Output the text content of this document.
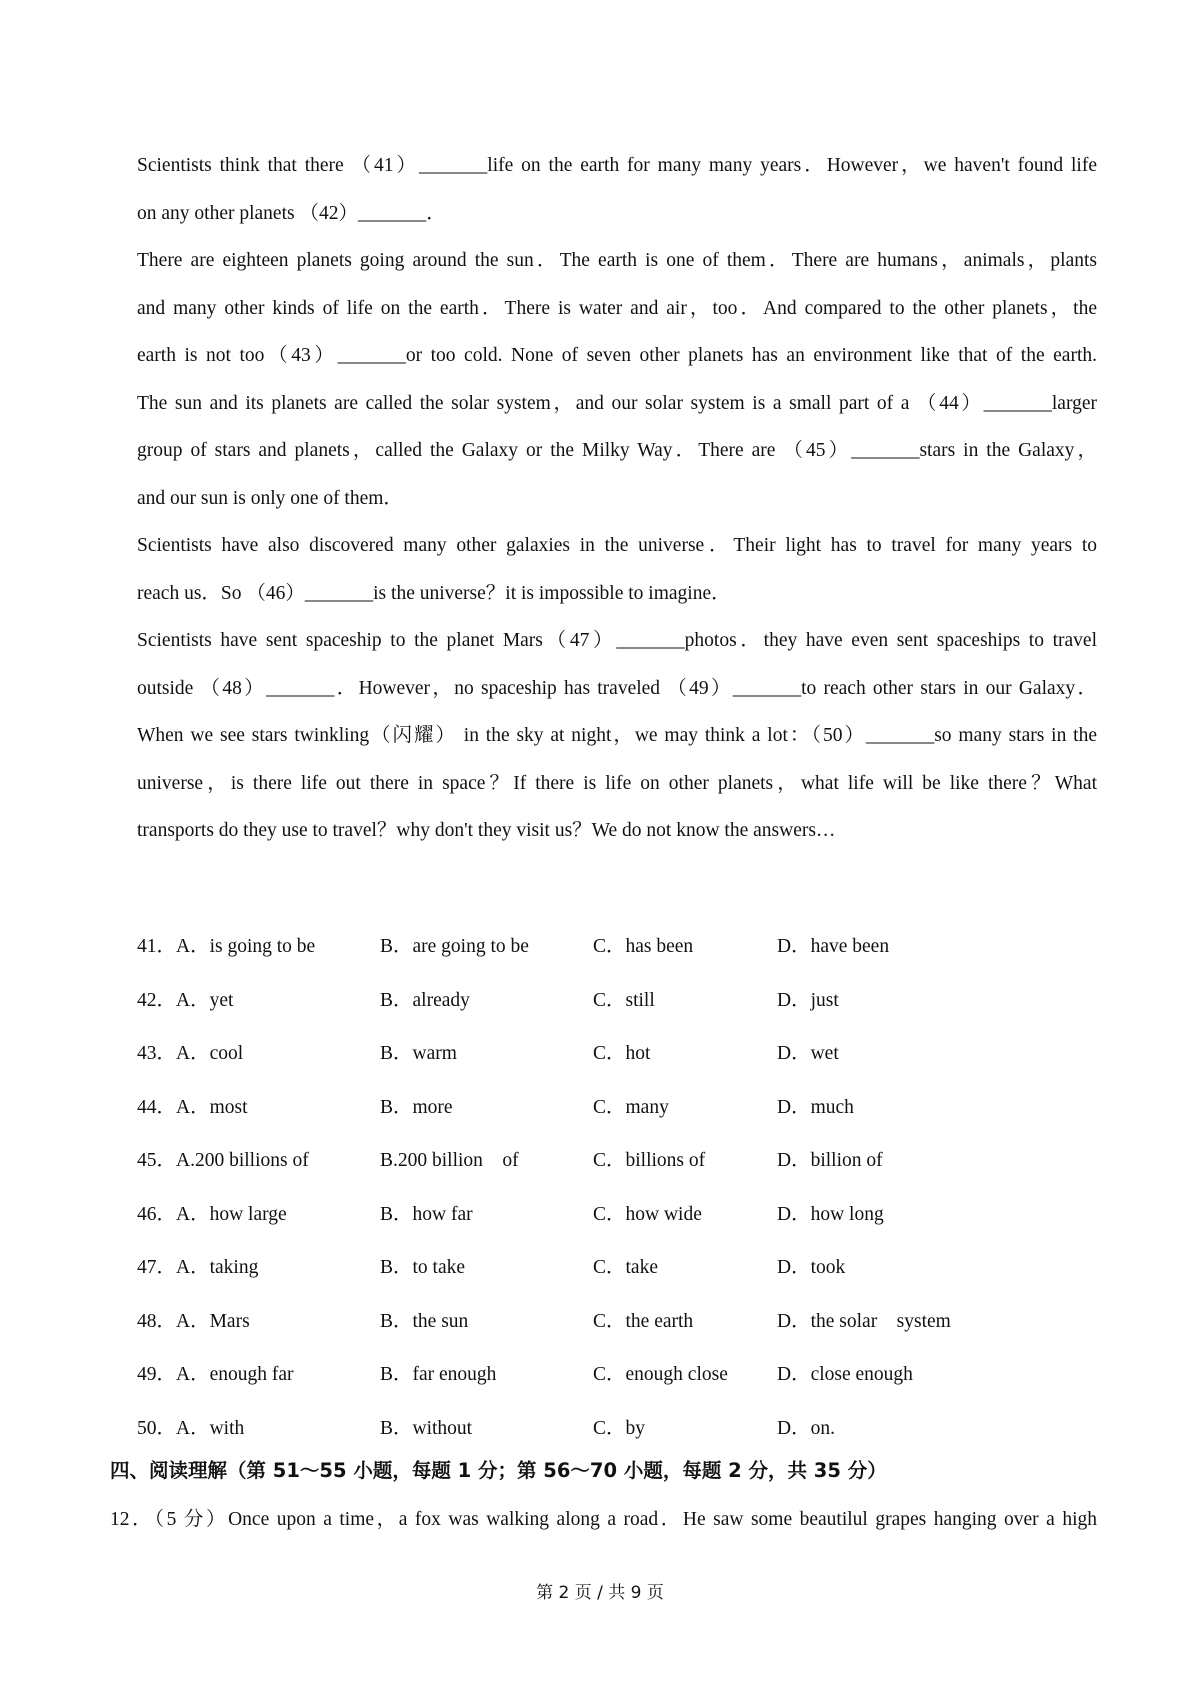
Scientists think that there （41）_______life on the earth for many many years．However，we haven't found life
on any other planets （42）_______．
There are eighteen planets going around the sun．The earth is one of them．There are humans，animals，plants
and many other kinds of life on the earth．There is water and air，too．And compared to the other planets，the
earth is not too（43）_______or too cold. None of seven other planets has an environment like that of the earth.
The sun and its planets are called the solar system，and our solar system is a small part of a （44）_______larger
group of stars and planets，called the Galaxy or the Milky Way．There are （45）_______stars in the Galaxy，
and our sun is only one of them．
Scientists have also discovered many other galaxies in the universe．Their light has to travel for many years to
reach us．So （46）_______is the universe？it is impossible to imagine．
Scientists have sent spaceship to the planet Mars（47）_______photos．they have even sent spaceships to travel
outside （48）_______．However，no spaceship has traveled （49）_______to reach other stars in our Galaxy．
When we see stars twinkling（闪耀） in the sky at night，we may think a lot：（50）_______so many stars in the
universe，is there life out there in space？If there is life on other planets，what life will be like there？What
transports do they use to travel？why don't they visit us？We do not know the answers…
41．A．is going to be	B．are going to be	C．has been	D．have been
42．A．yet	B．already	C．still	D．just
43．A．cool	B．warm	C．hot	D．wet
44．A．most	B．more	C．many	D．much
45．A.200 billions of	B.200 billion　of	C．billions of	D．billion of
46．A．how large	B．how far	C．how wide	D．how long
47．A．taking	B．to take	C．take	D．took
48．A．Mars	B．the sun	C．the earth	D．the solar　system
49．A．enough far	B．far enough	C．enough close	D．close enough
50．A．with	B．without	C．by	D．on.
四、阅读理解（第 51～55 小题，每题 1 分；第 56～70 小题，每题 2 分，共 35 分）
12．（5 分）Once upon a time，a fox was walking along a road．He saw some beautilul grapes hanging over a high
第 2 页 / 共 9 页
